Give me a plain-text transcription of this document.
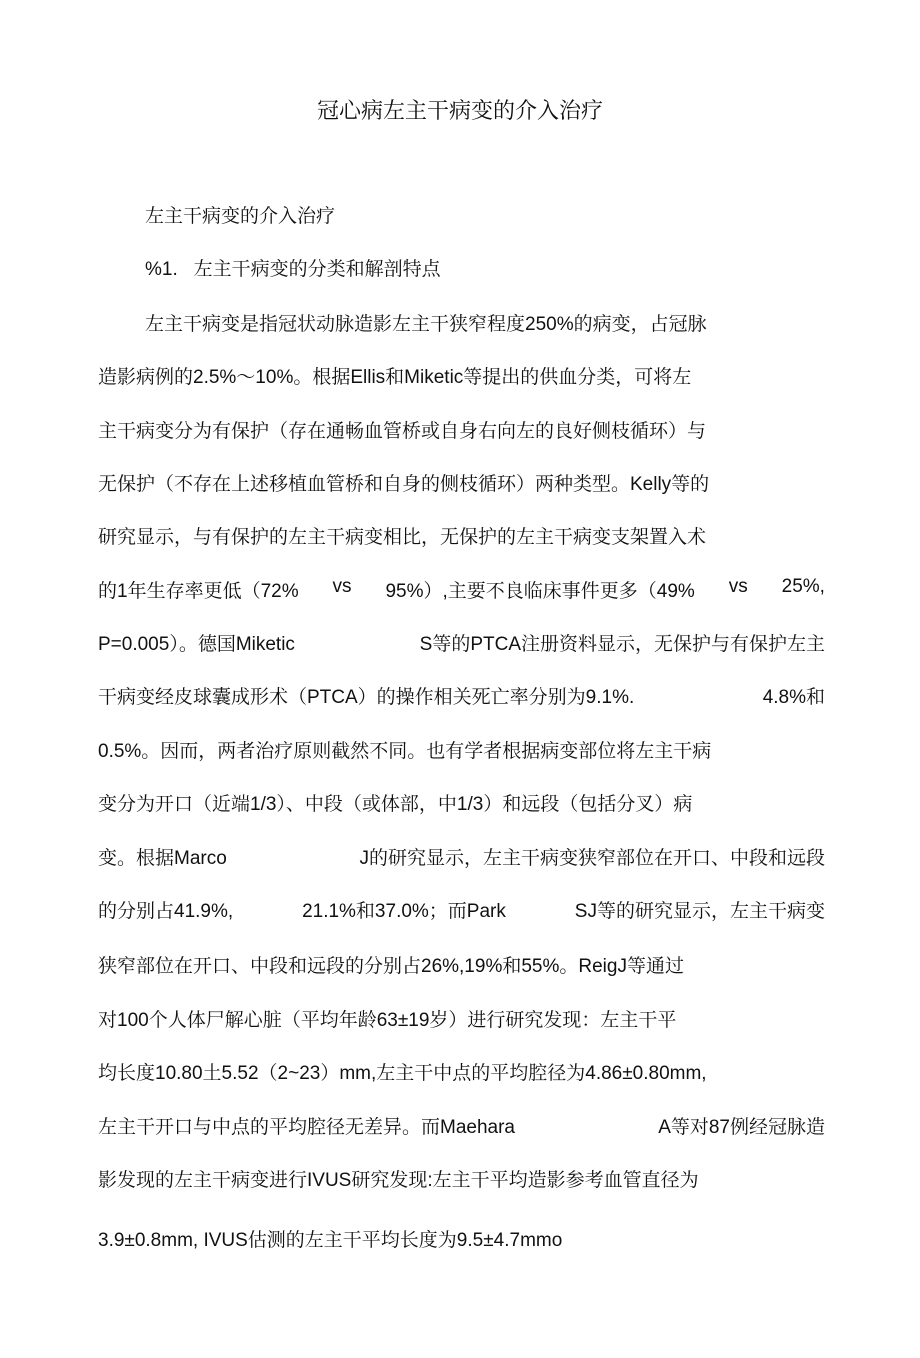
冠心病左主干病变的介入治疗
左主干病变的介入治疗
%1.   左主干病变的分类和解剖特点
左主干病变是指冠状动脉造影左主干狭窄程度250%的病变，占冠脉
造影病例的2.5%～10%。根据Ellis和Miketic等提出的供血分类，可将左
主干病变分为有保护（存在通畅血管桥或自身右向左的良好侧枝循环）与
无保护（不存在上述移植血管桥和自身的侧枝循环）两种类型。Kelly等的
研究显示，与有保护的左主干病变相比，无保护的左主干病变支架置入术
的1年生存率更低（72% vs 95%）,主要不良临床事件更多（49% vs 25%,
P=0.005）。德国Miketic	S等的PTCA注册资料显示，无保护与有保护左主
干病变经皮球囊成形术（PTCA）的操作相关死亡率分别为9.1%.	4.8%和
0.5%。因而，两者治疗原则截然不同。也有学者根据病变部位将左主干病
变分为开口（近端1/3）、中段（或体部，中1/3）和远段（包括分叉）病
变。根据Marco	J的研究显示，左主干病变狭窄部位在开口、中段和远段
的分别占41.9%,	21.1%和37.0%；而Park	SJ等的研究显示，左主干病变
狭窄部位在开口、中段和远段的分别占26%,19%和55%。ReigJ等通过
对100个人体尸解心脏（平均年龄63±19岁）进行研究发现：左主干平
均长度10.80土5.52（2~23）mm,左主干中点的平均腔径为4.86±0.80mm,
左主干开口与中点的平均腔径无差异。而Maehara	A等对87例经冠脉造
影发现的左主干病变进行IVUS研究发现:左主干平均造影参考血管直径为
3.9±0.8mm, IVUS估测的左主干平均长度为9.5±4.7mmo
